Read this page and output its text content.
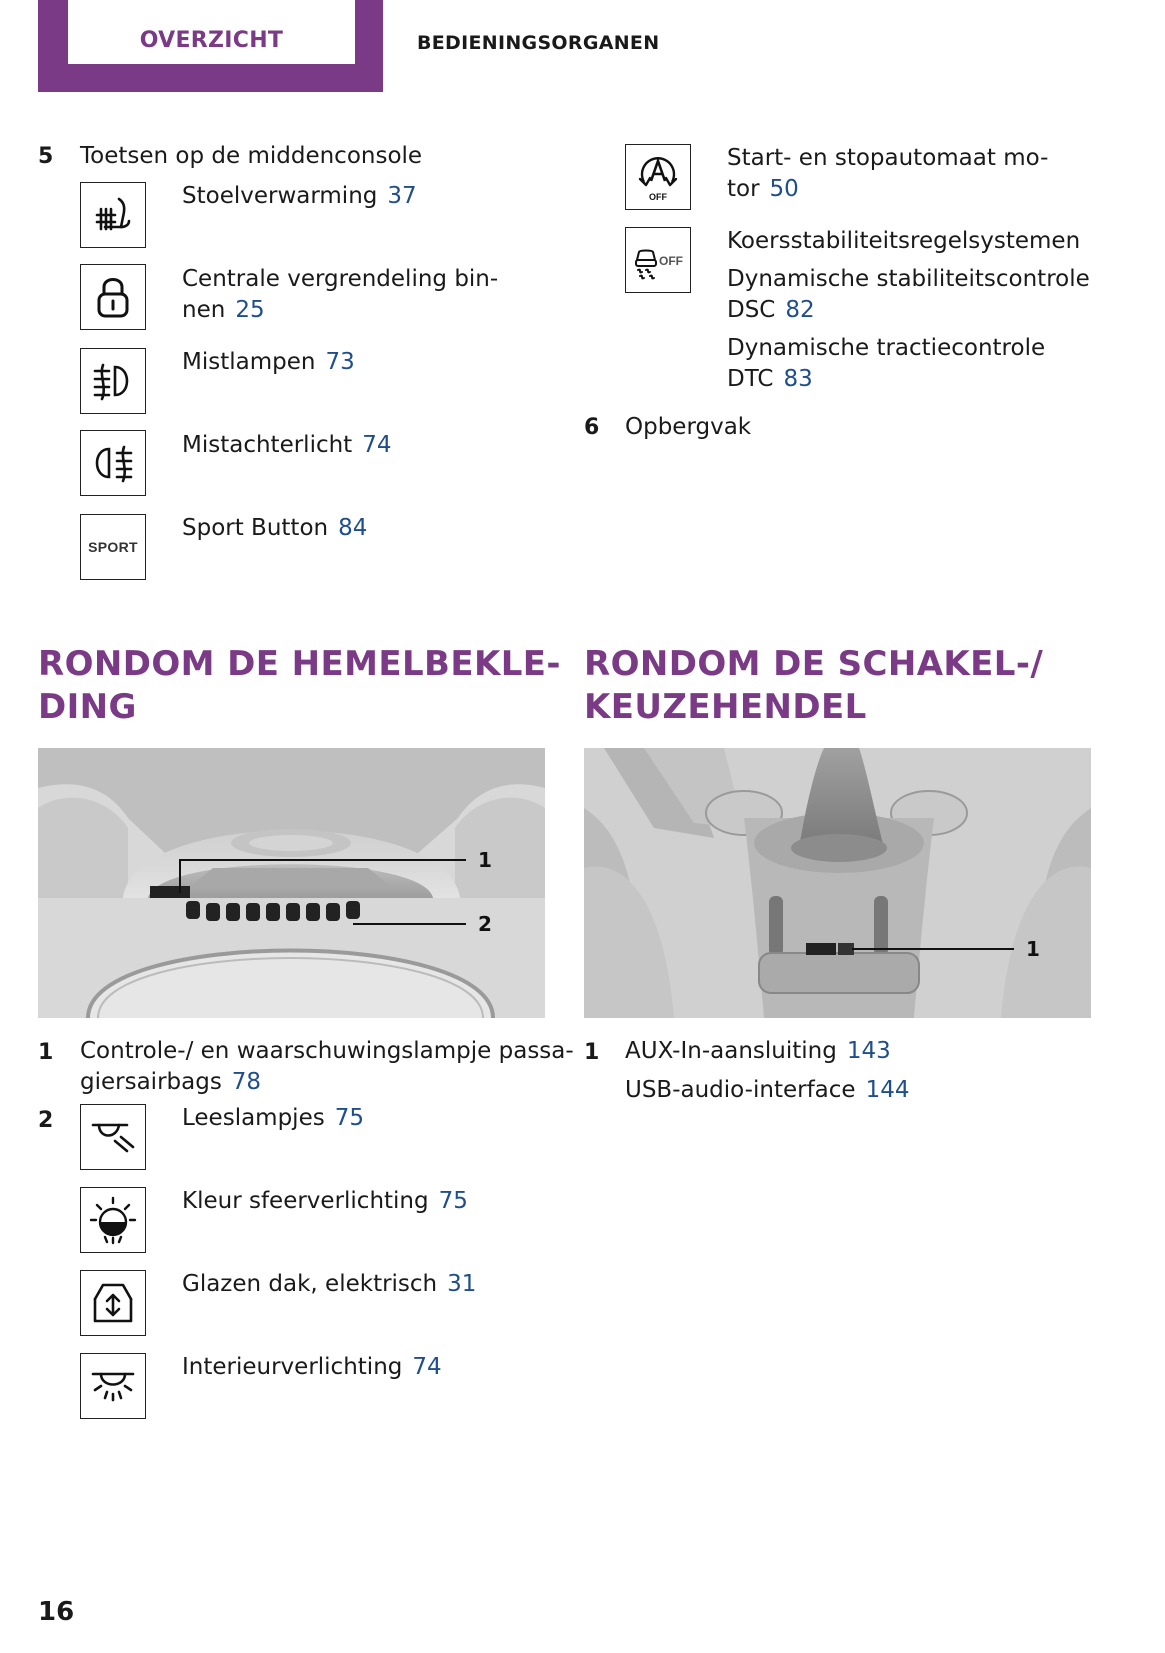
OVERZICHT	BEDIENINGSORGANEN
5 Toetsen op de middenconsole
Stoelverwarming 37
Centrale vergrendeling bin-
nen 25
Mistlampen 73
Mistachterlicht 74
SPORT
Sport Button 84
OFF
Start- en stopautomaat mo-
tor 50
OFF
Koersstabiliteitsregelsystemen
Dynamische stabiliteitscontrole
DSC 82
Dynamische tractiecontrole
DTC 83
6 Opbergvak
RONDOM DE HEMELBEKLE-
DING
RONDOM DE SCHAKEL-/
KEUZEHENDEL
1
2
1
1 Controle-/ en waarschuwingslampje passa-
giersairbags 78
2	Leeslampjes 75
Kleur sfeerverlichting 75
Glazen dak, elektrisch 31
Interieurverlichting 74
1 AUX-In-aansluiting 143
USB-audio-interface 144
16
